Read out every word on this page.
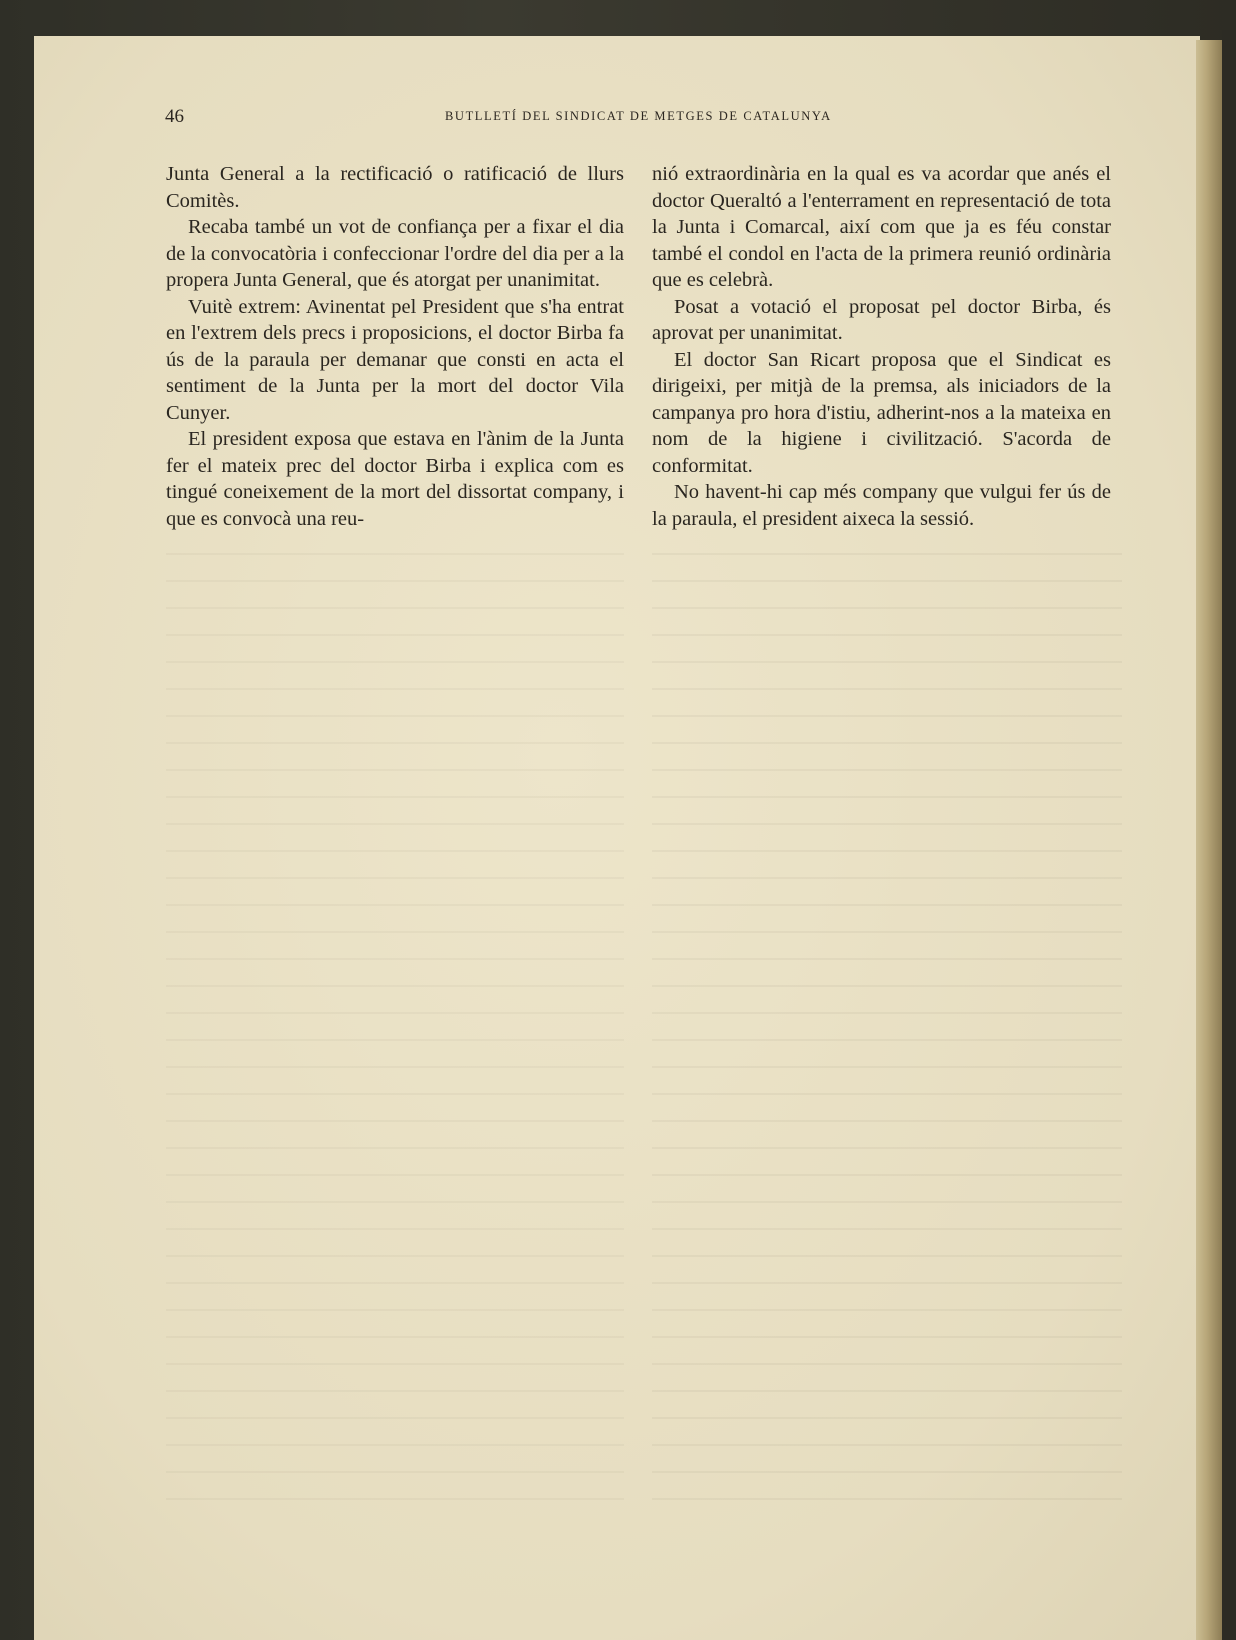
46	BUTLLETÍ DEL SINDICAT DE METGES DE CATALUNYA

Junta General a la rectificació o ratificació de llurs Comitès.

Recaba també un vot de confiança per a fixar el dia de la convocatòria i confeccionar l'ordre del dia per a la propera Junta General, que és atorgat per unanimitat.

Vuitè extrem: Avinentat pel President que s'ha entrat en l'extrem dels precs i proposicions, el doctor Birba fa ús de la paraula per demanar que consti en acta el sentiment de la Junta per la mort del doctor Vila Cunyer.

El president exposa que estava en l'ànim de la Junta fer el mateix prec del doctor Birba i explica com es tingué coneixement de la mort del dissortat company, i que es convocà una reu-

nió extraordinària en la qual es va acordar que anés el doctor Queraltó a l'enterrament en representació de tota la Junta i Comarcal, així com que ja es féu constar també el condol en l'acta de la primera reunió ordinària que es celebrà.

Posat a votació el proposat pel doctor Birba, és aprovat per unanimitat.

El doctor San Ricart proposa que el Sindicat es dirigeixi, per mitjà de la premsa, als iniciadors de la campanya pro hora d'istiu, adherint-nos a la mateixa en nom de la higiene i civilització. S'acorda de conformitat.

No havent-hi cap més company que vulgui fer ús de la paraula, el president aixeca la sessió.
